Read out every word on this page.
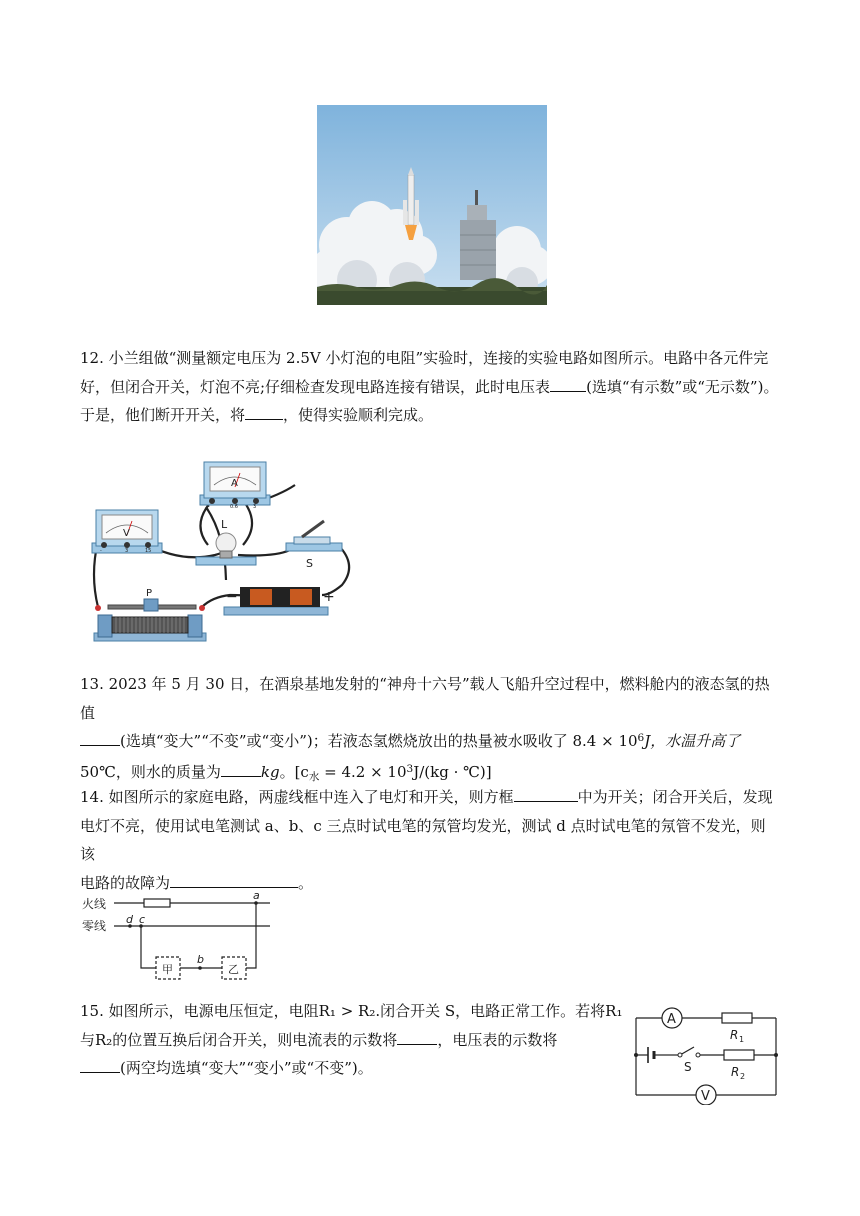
12. 小兰组做“测量额定电压为 2.5V 小灯泡的电阻”实验时，连接的实验电路如图所示。电路中各元件完

好，但闭合开关，灯泡不亮;仔细检查发现电路连接有错误，此时电压表 (选填“有示数”或“无示数”)。

于是，他们断开开关，将	，使得实验顺利完成。

V
-	3	15
A
-	0.6	3
L
S
P	−	+

13. 2023 年 5 月 30 日，在酒泉基地发射的“神舟十六号”载人飞船升空过程中，燃料舱内的液态氢的热值

(选填“变大”“不变”或“变小”)；若液态氢燃烧放出的热量被水吸收了 $8.4 \times 10^6J$，水温升高了

50℃，则水的质量为	kg。[$c_水 = 4.2 \times 10^3J/(kg$ · ℃)]

14. 如图所示的家庭电路，两虚线框中连入了电灯和开关，则方框	中为开关；闭合开关后，发现

电灯不亮，使用试电笔测试 a、b、c 三点时试电笔的氖管均发光，测试 d 点时试电笔的氖管不发光，则该

电路的故障为	。

火线
零线
a
b
c
d
甲	乙

15. 如图所示，电源电压恒定，电阻R₁ > R₂.闭合开关 S，电路正常工作。若将R₁

与R₂的位置互换后闭合开关，则电流表的示数将	，电压表的示数将

(两空均选填“变大”“变小”或“不变”)。

A
V
R 1
R 2
S
